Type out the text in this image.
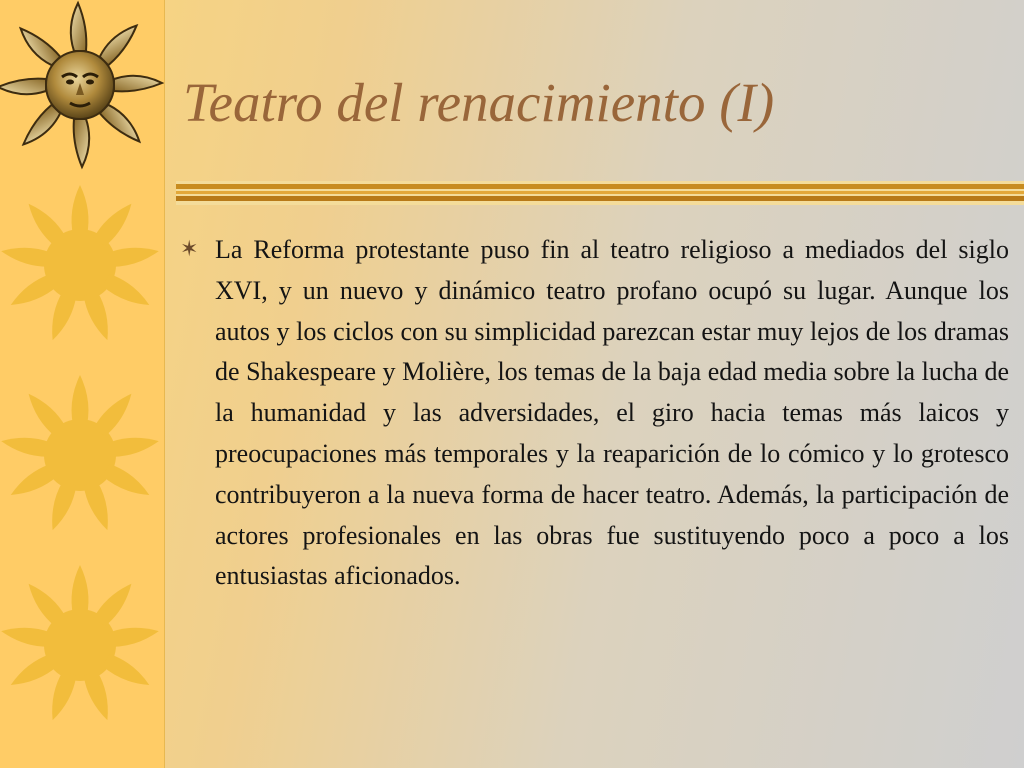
Teatro del renacimiento (I)
✶ La Reforma protestante puso fin al teatro religioso a mediados del siglo XVI, y un nuevo y dinámico teatro profano ocupó su lugar. Aunque los autos y los ciclos con su simplicidad parezcan estar muy lejos de los dramas de Shakespeare y Molière, los temas de la baja edad media sobre la lucha de la humanidad y las adversidades, el giro hacia temas más laicos y preocupaciones más temporales y la reaparición de lo cómico y lo grotesco contribuyeron a la nueva forma de hacer teatro. Además, la participación de actores profesionales en las obras fue sustituyendo poco a poco a los entusiastas aficionados.
